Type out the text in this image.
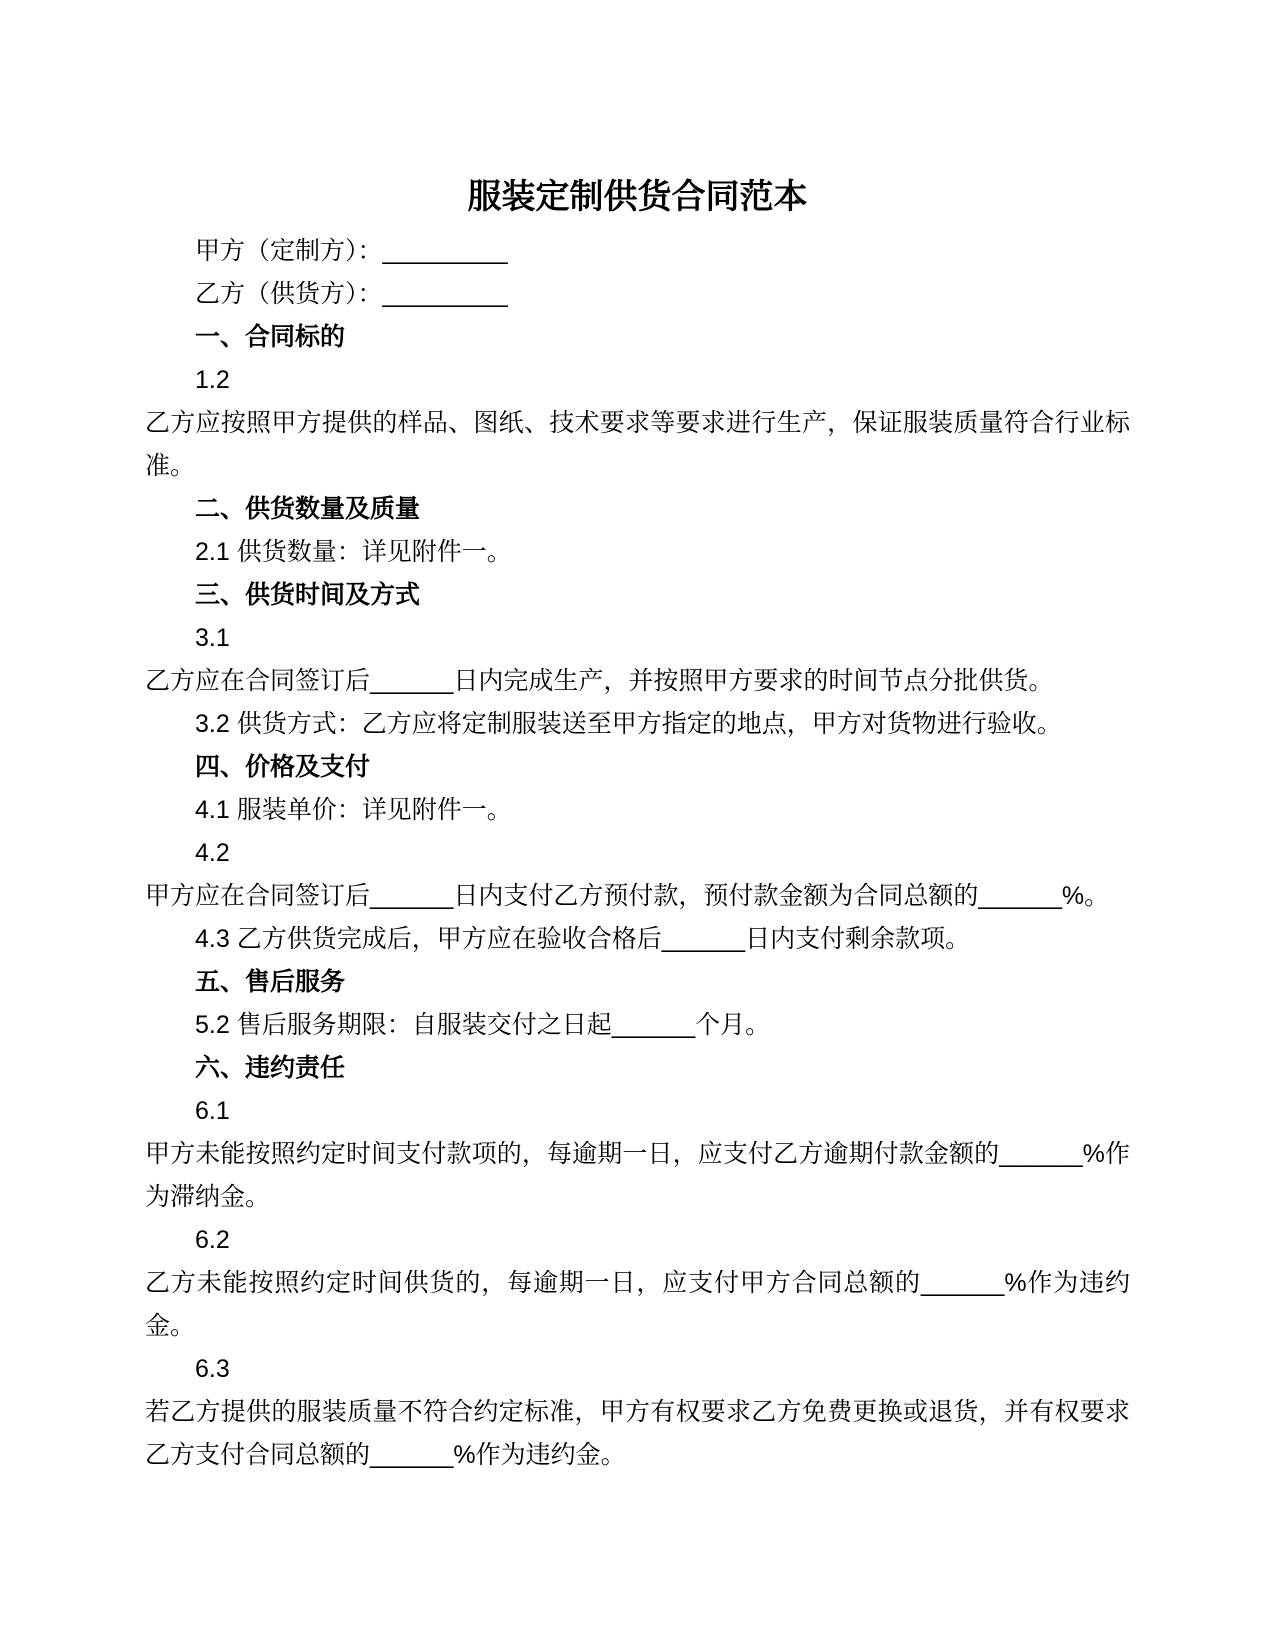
服装定制供货合同范本

甲方（定制方）：_________

乙方（供货方）：_________

一、合同标的

1.2

乙方应按照甲方提供的样品、图纸、技术要求等要求进行生产，保证服装质量符合行业标准。

二、供货数量及质量

2.1 供货数量：详见附件一。

三、供货时间及方式

3.1

乙方应在合同签订后______日内完成生产，并按照甲方要求的时间节点分批供货。

3.2 供货方式：乙方应将定制服装送至甲方指定的地点，甲方对货物进行验收。

四、价格及支付

4.1 服装单价：详见附件一。

4.2

甲方应在合同签订后______日内支付乙方预付款，预付款金额为合同总额的______%。

4.3 乙方供货完成后，甲方应在验收合格后______日内支付剩余款项。

五、售后服务

5.2 售后服务期限：自服装交付之日起______个月。

六、违约责任

6.1

甲方未能按照约定时间支付款项的，每逾期一日，应支付乙方逾期付款金额的______%作为滞纳金。

6.2

乙方未能按照约定时间供货的，每逾期一日，应支付甲方合同总额的______%作为违约金。

6.3

若乙方提供的服装质量不符合约定标准，甲方有权要求乙方免费更换或退货，并有权要求乙方支付合同总额的______%作为违约金。
